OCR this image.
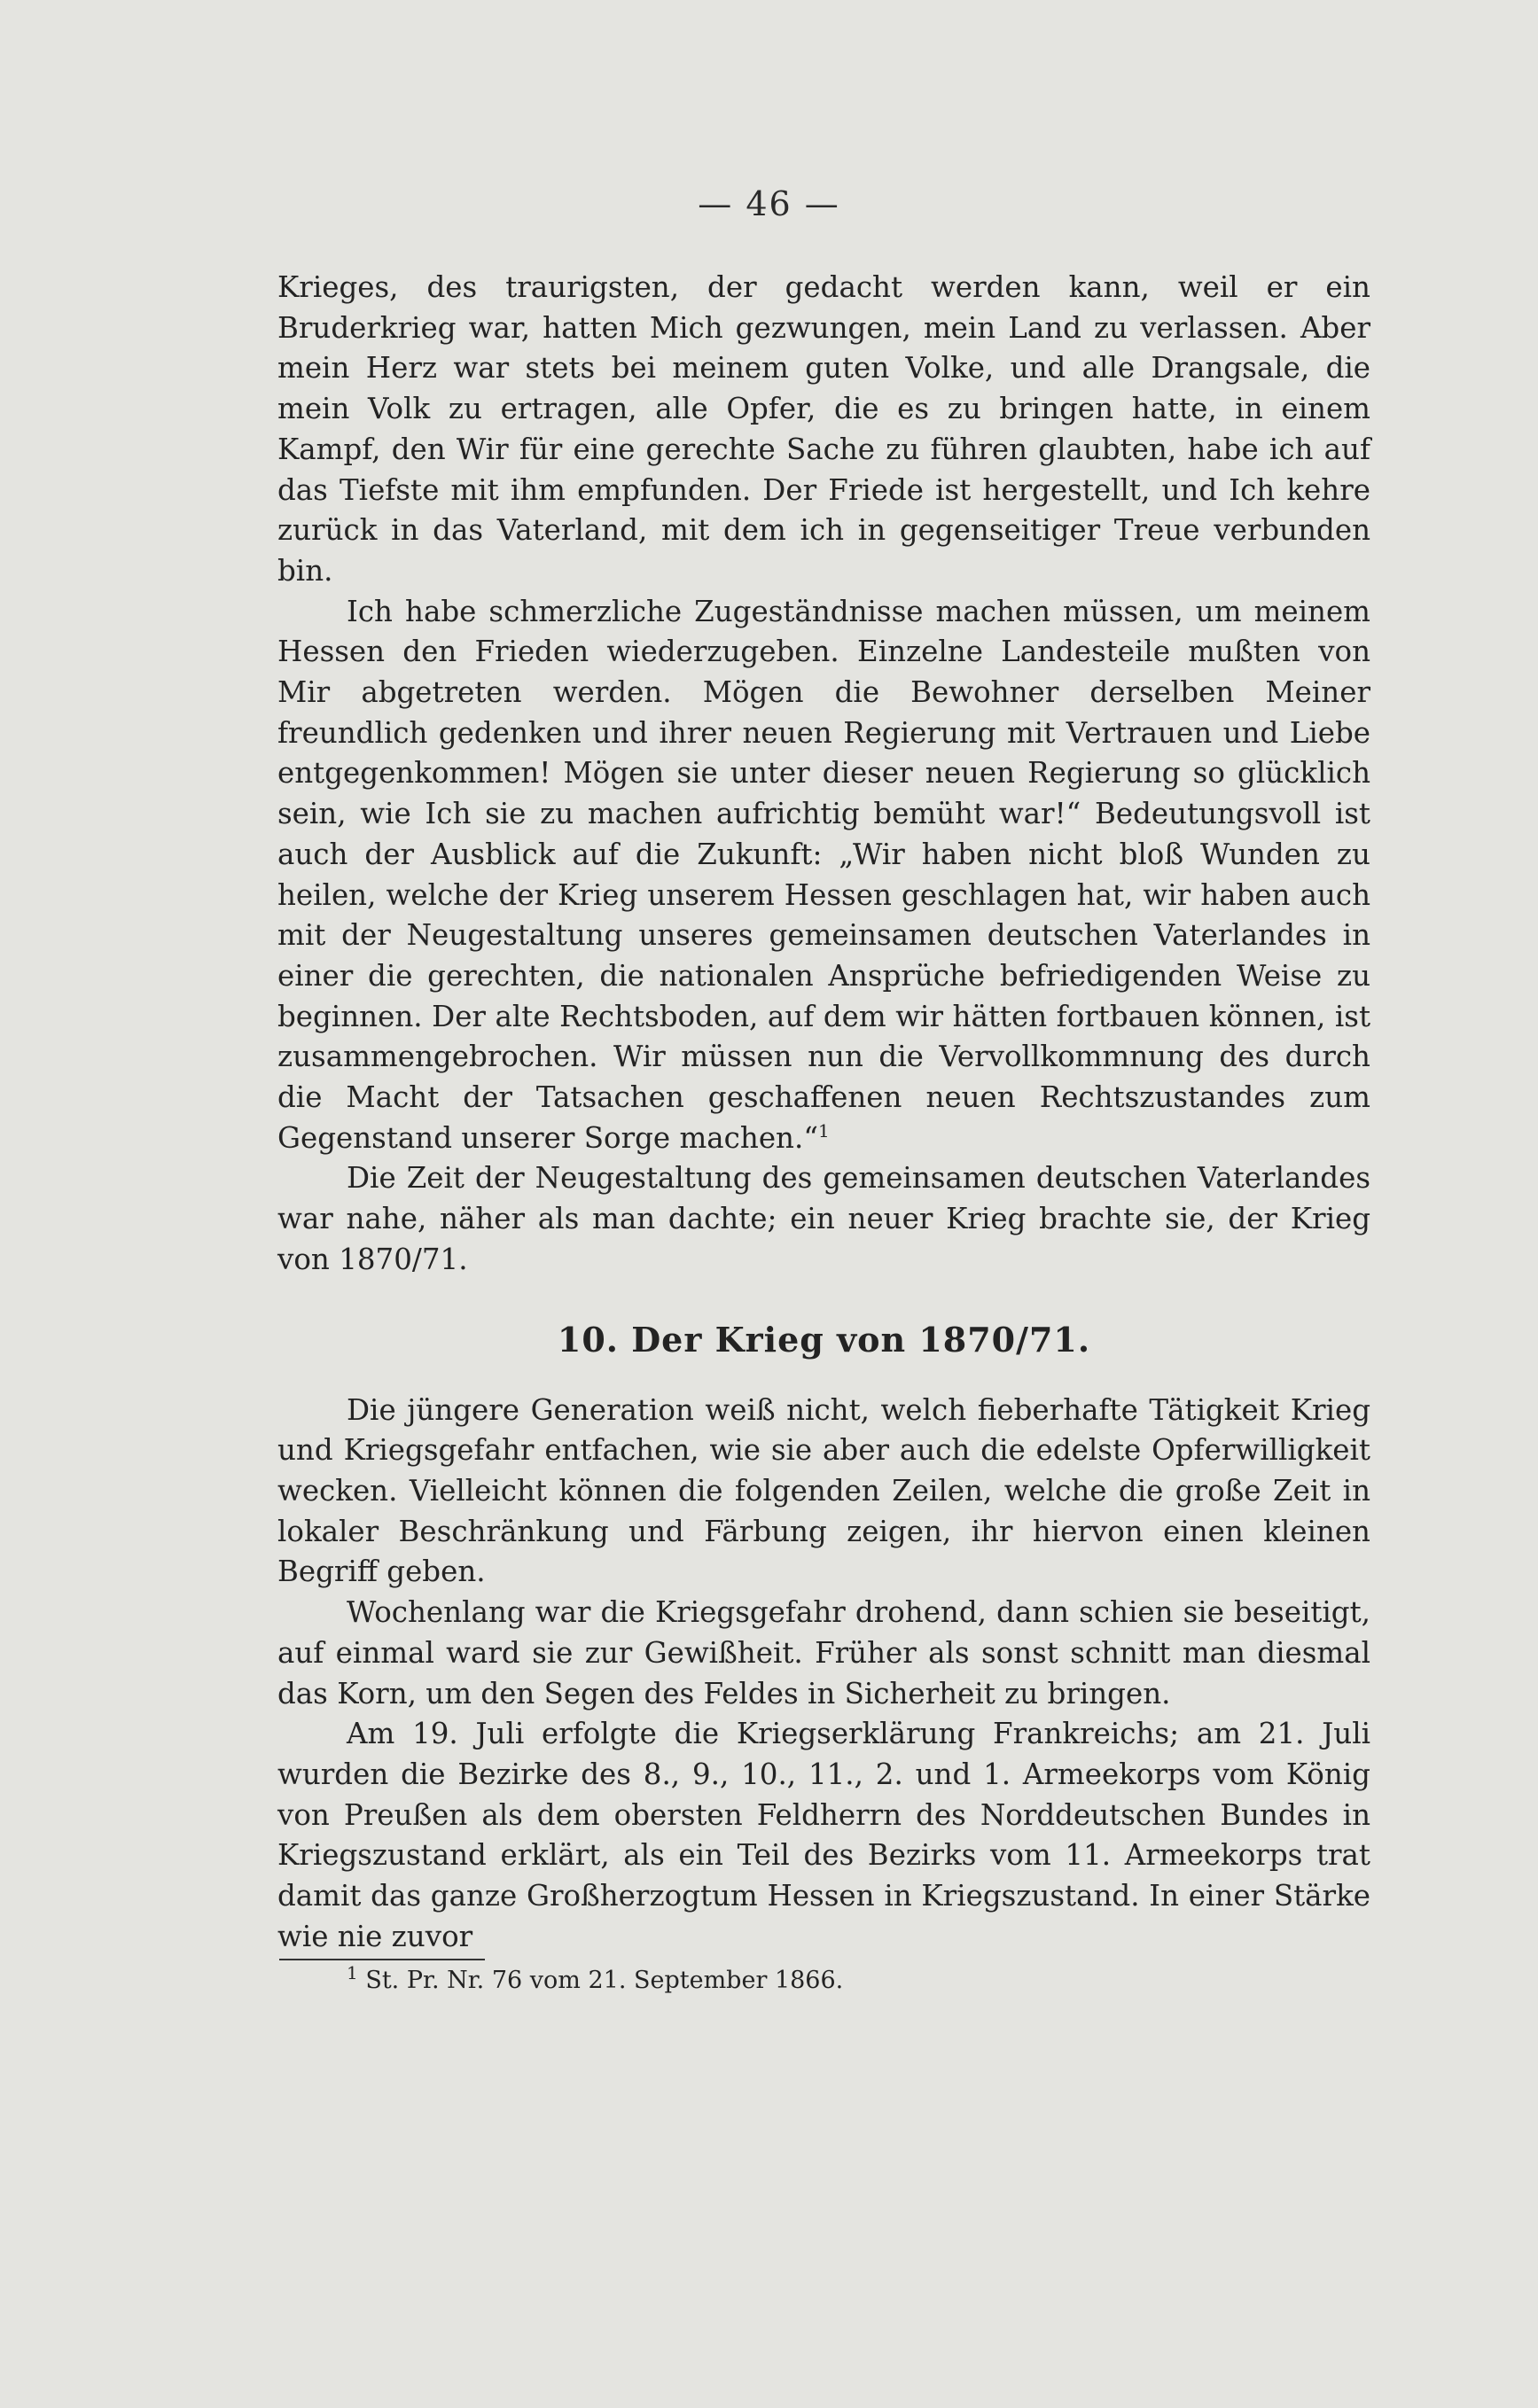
— 46 —

Krieges, des traurigsten, der gedacht werden kann, weil er ein Bruderkrieg war, hatten Mich gezwungen, mein Land zu verlassen. Aber mein Herz war stets bei meinem guten Volke, und alle Drangsale, die mein Volk zu ertragen, alle Opfer, die es zu bringen hatte, in einem Kampf, den Wir für eine gerechte Sache zu führen glaubten, habe ich auf das Tiefste mit ihm empfunden. Der Friede ist hergestellt, und Ich kehre zurück in das Vaterland, mit dem ich in gegenseitiger Treue verbunden bin.

Ich habe schmerzliche Zugeständnisse machen müssen, um meinem Hessen den Frieden wiederzugeben. Einzelne Landesteile mußten von Mir abgetreten werden. Mögen die Bewohner derselben Meiner freundlich gedenken und ihrer neuen Regierung mit Vertrauen und Liebe entgegenkommen! Mögen sie unter dieser neuen Regierung so glücklich sein, wie Ich sie zu machen aufrichtig bemüht war!“ Bedeutungsvoll ist auch der Ausblick auf die Zukunft: „Wir haben nicht bloß Wunden zu heilen, welche der Krieg unserem Hessen geschlagen hat, wir haben auch mit der Neugestaltung unseres gemeinsamen deutschen Vaterlandes in einer die gerechten, die nationalen Ansprüche befriedigenden Weise zu beginnen. Der alte Rechtsboden, auf dem wir hätten fortbauen können, ist zusammengebrochen. Wir müssen nun die Vervollkommnung des durch die Macht der Tatsachen geschaffenen neuen Rechtszustandes zum Gegenstand unserer Sorge machen.“$^1$

Die Zeit der Neugestaltung des gemeinsamen deutschen Vaterlandes war nahe, näher als man dachte; ein neuer Krieg brachte sie, der Krieg von 1870/71.

10. Der Krieg von 1870/71.

Die jüngere Generation weiß nicht, welch fieberhafte Tätigkeit Krieg und Kriegsgefahr entfachen, wie sie aber auch die edelste Opferwilligkeit wecken. Vielleicht können die folgenden Zeilen, welche die große Zeit in lokaler Beschränkung und Färbung zeigen, ihr hiervon einen kleinen Begriff geben.

Wochenlang war die Kriegsgefahr drohend, dann schien sie beseitigt, auf einmal ward sie zur Gewißheit. Früher als sonst schnitt man diesmal das Korn, um den Segen des Feldes in Sicherheit zu bringen.

Am 19. Juli erfolgte die Kriegserklärung Frankreichs; am 21. Juli wurden die Bezirke des 8., 9., 10., 11., 2. und 1. Armeekorps vom König von Preußen als dem obersten Feldherrn des Norddeutschen Bundes in Kriegszustand erklärt, als ein Teil des Bezirks vom 11. Armeekorps trat damit das ganze Großherzogtum Hessen in Kriegszustand. In einer Stärke wie nie zuvor

$^1$ St. Pr. Nr. 76 vom 21. September 1866.
